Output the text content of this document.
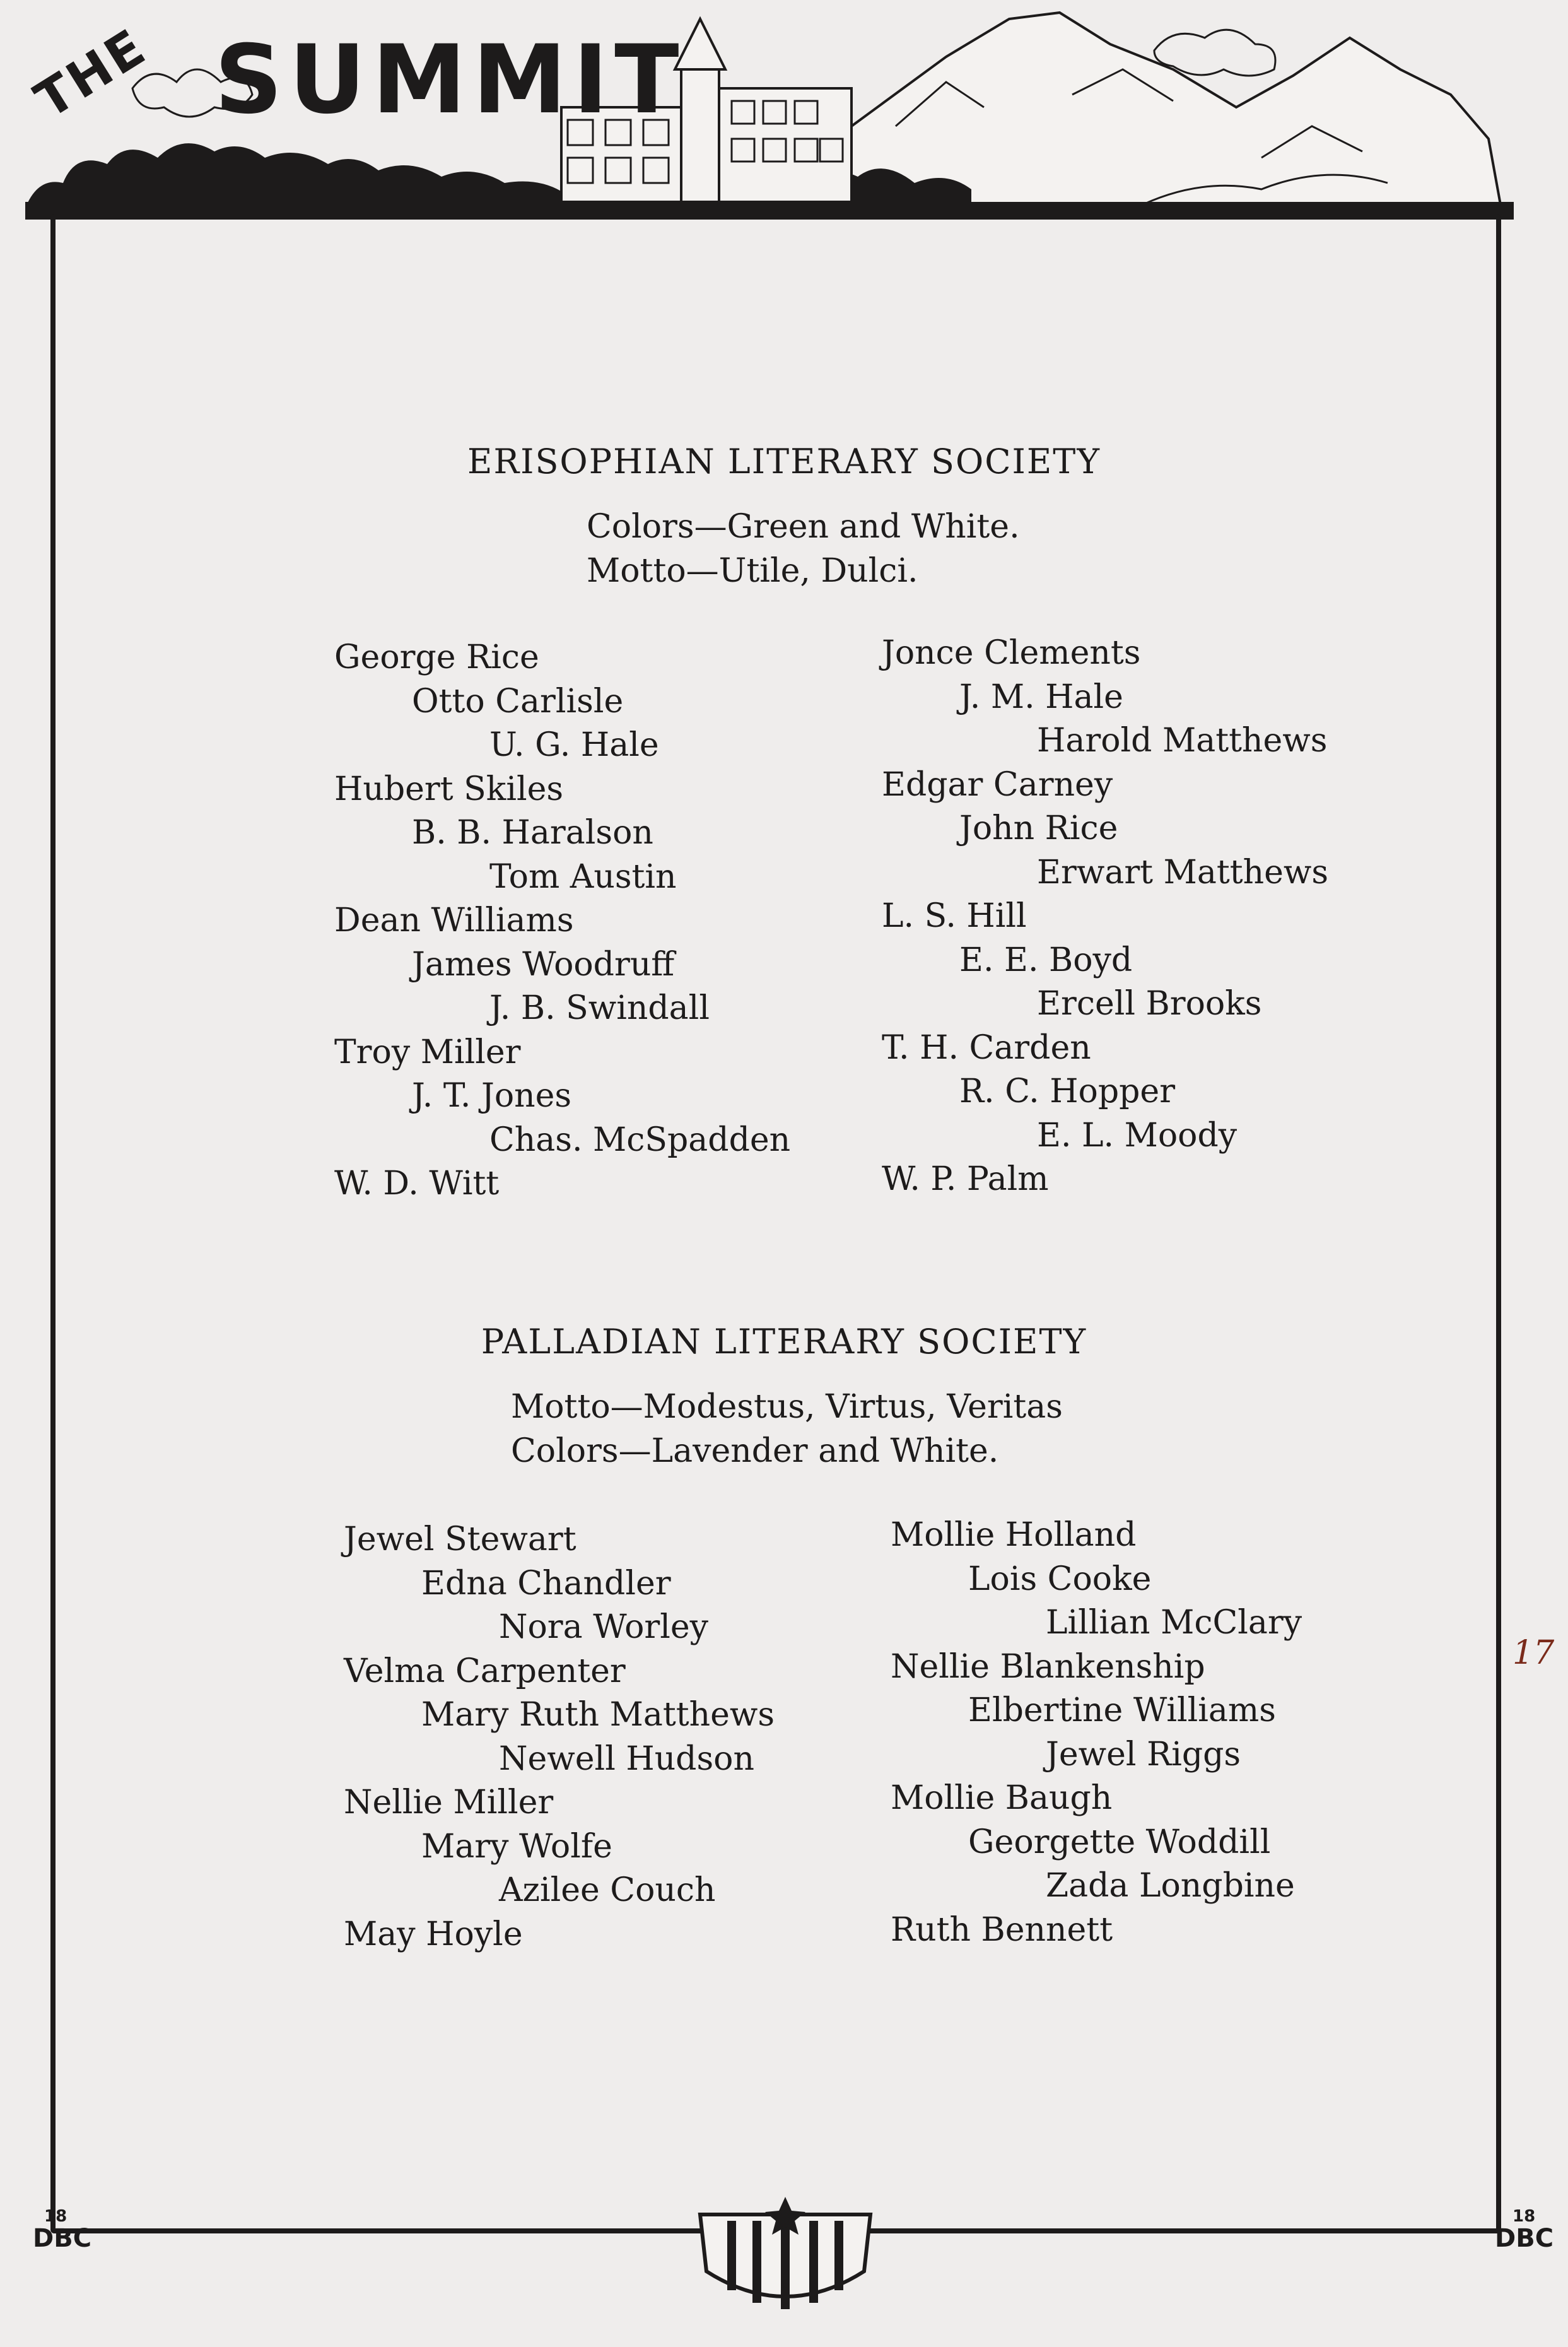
THE SUMMIT
18
DBC
18
DBC
17
ERISOPHIAN LITERARY SOCIETY
Colors—Green and White.
Motto—Utile, Dulci.
George Rice
Otto Carlisle
U. G. Hale
Hubert Skiles
B. B. Haralson
Tom Austin
Dean Williams
James Woodruff
J. B. Swindall
Troy Miller
J. T. Jones
Chas. McSpadden
W. D. Witt
Jonce Clements
J. M. Hale
Harold Matthews
Edgar Carney
John Rice
Erwart Matthews
L. S. Hill
E. E. Boyd
Ercell Brooks
T. H. Carden
R. C. Hopper
E. L. Moody
W. P. Palm
PALLADIAN LITERARY SOCIETY
Motto—Modestus, Virtus, Veritas
Colors—Lavender and White.
Jewel Stewart
Edna Chandler
Nora Worley
Velma Carpenter
Mary Ruth Matthews
Newell Hudson
Nellie Miller
Mary Wolfe
Azilee Couch
May Hoyle
Mollie Holland
Lois Cooke
Lillian McClary
Nellie Blankenship
Elbertine Williams
Jewel Riggs
Mollie Baugh
Georgette Woddill
Zada Longbine
Ruth Bennett
